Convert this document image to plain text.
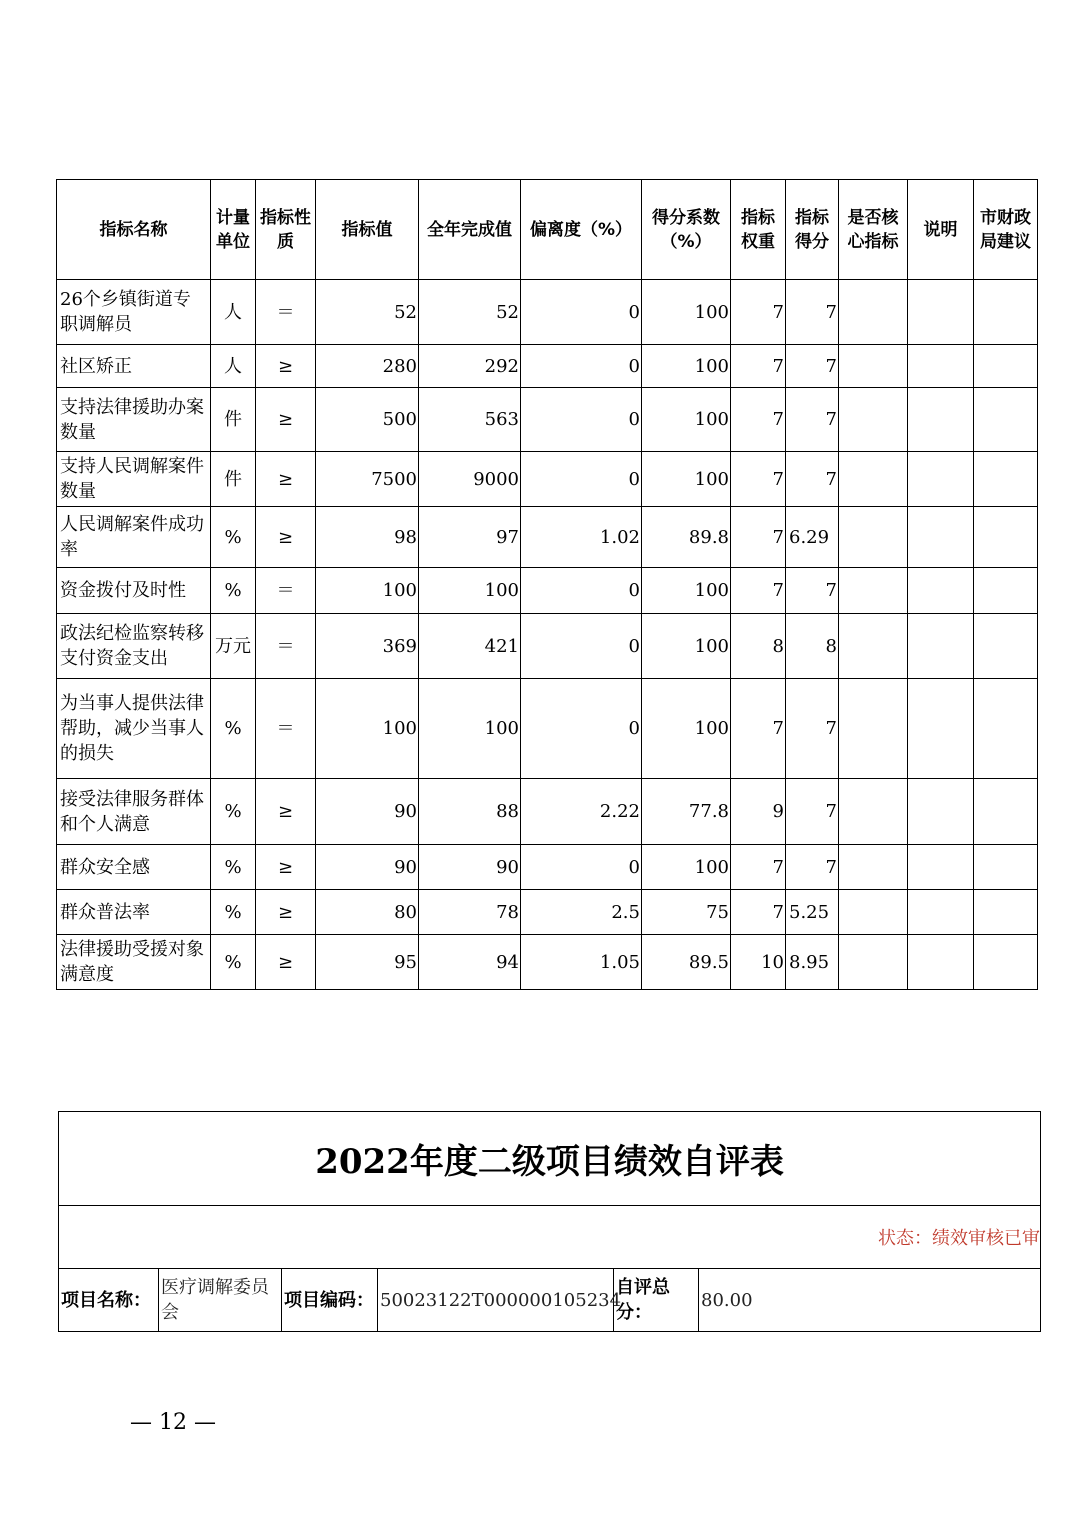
指标名称	计量单位	指标性质	指标值	全年完成值	偏离度（%）	得分系数（%）	指标权重	指标得分	是否核心指标	说明	市财政局建议
26个乡镇街道专职调解员	人	＝	52	52	0	100	7	7			
社区矫正	人	≥	280	292	0	100	7	7			
支持法律援助办案数量	件	≥	500	563	0	100	7	7			
支持人民调解案件数量	件	≥	7500	9000	0	100	7	7			
人民调解案件成功率	%	≥	98	97	1.02	89.8	7	6.29			
资金拨付及时性	%	＝	100	100	0	100	7	7			
政法纪检监察转移支付资金支出	万元	＝	369	421	0	100	8	8			
为当事人提供法律帮助，减少当事人的损失	%	＝	100	100	0	100	7	7			
接受法律服务群体和个人满意	%	≥	90	88	2.22	77.8	9	7			
群众安全感	%	≥	90	90	0	100	7	7			
群众普法率	%	≥	80	78	2.5	75	7	5.25			
法律援助受援对象满意度	%	≥	95	94	1.05	89.5	10	8.95			
2022年度二级项目绩效自评表
状态：绩效审核已审
项目名称：	医疗调解委员会	项目编码：	50023122T000000105234	自评总分：	80.00
— 12 —
